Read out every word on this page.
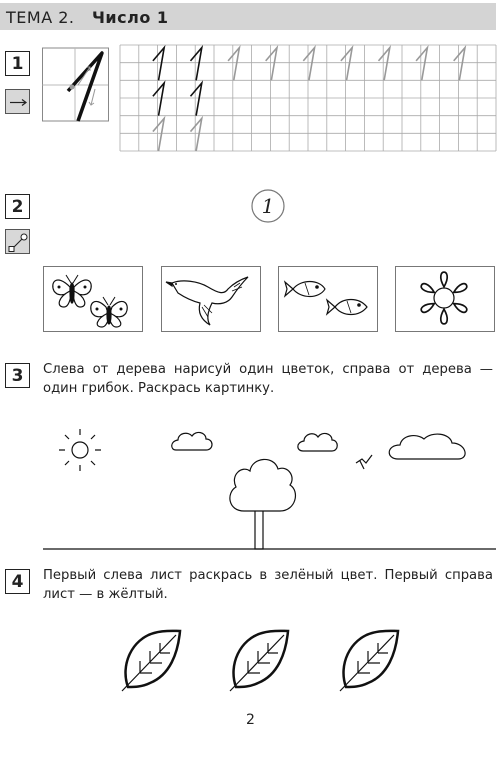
ТЕМА 2. Число 1
1
2	1
3	Слева от дерева нарисуй один цветок, справа от дерева — один грибок. Раскрась картинку.
4	Первый слева лист раскрась в зелёный цвет. Первый справа лист — в жёлтый.
2
